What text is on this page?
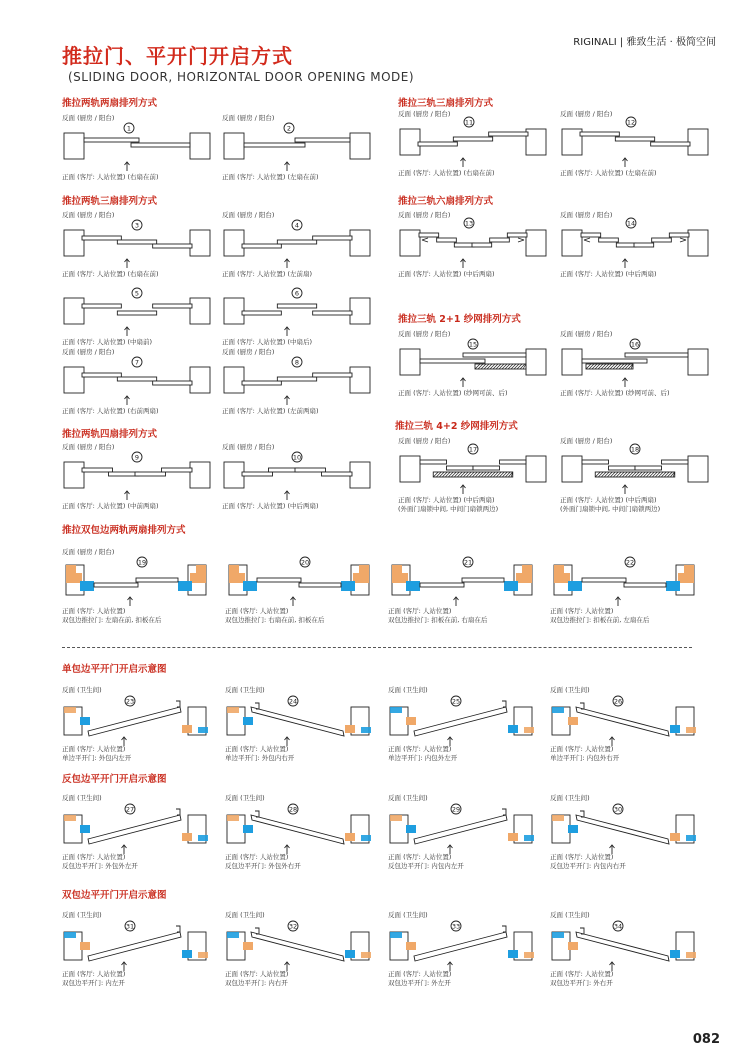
推拉门、平开门开启方式
(SLIDING DOOR, HORIZONTAL DOOR OPENING MODE)
RIGINALI | 雅致生活 · 极简空间
082
推拉两轨两扇排列方式
推拉两轨三扇排列方式
推拉两轨四扇排列方式
推拉三轨三扇排列方式
推拉三轨六扇排列方式
推拉三轨 2+1 纱网排列方式
推拉三轨 4+2 纱网排列方式
推拉双包边两轨两扇排列方式
单包边平开门开启示意图
反包边平开门开启示意图
双包边平开门开启示意图
反面 (厨房 / 阳台)
1
正面 (客厅: 人站位置) (右扇在前)
反面 (厨房 / 阳台)
2
正面 (客厅: 人站位置) (左扇在前)
反面 (厨房 / 阳台)
3
正面 (客厅: 人站位置) (右扇在前)
反面 (厨房 / 阳台)
4
正面 (客厅: 人站位置) (左前扇)
5
正面 (客厅: 人站位置) (中扇前)
6
正面 (客厅: 人站位置) (中扇后)
反面 (厨房 / 阳台)
7
正面 (客厅: 人站位置) (右前两扇)
反面 (厨房 / 阳台)
8
正面 (客厅: 人站位置) (左前两扇)
反面 (厨房 / 阳台)
9
正面 (客厅: 人站位置) (中前两扇)
反面 (厨房 / 阳台)
10
正面 (客厅: 人站位置) (中后两扇)
反面 (厨房 / 阳台)
11
正面 (客厅: 人站位置) (右扇在前)
反面 (厨房 / 阳台)
12
正面 (客厅: 人站位置) (左扇在前)
反面 (厨房 / 阳台)
13
正面 (客厅: 人站位置) (中后两扇)
反面 (厨房 / 阳台)
14
正面 (客厅: 人站位置) (中后两扇)
反面 (厨房 / 阳台)
15
正面 (客厅: 人站位置) (纱网可前、后)
反面 (厨房 / 阳台)
16
正面 (客厅: 人站位置) (纱网可前、后)
反面 (厨房 / 阳台)
17
正面 (客厅: 人站位置) (中后两扇)
(外面门扇锁中间, 中间门扇锁两边)
反面 (厨房 / 阳台)
18
正面 (客厅: 人站位置) (中后两扇)
(外面门扇锁中间, 中间门扇锁两边)
反面 (厨房 / 阳台)
19
正面 (客厅: 人站位置)
双包边推拉门: 左扇在前, 扣板在后
20
正面 (客厅: 人站位置)
双包边推拉门: 右扇在前, 扣板在后
21
正面 (客厅: 人站位置)
双包边推拉门: 扣板在前, 右扇在后
22
正面 (客厅: 人站位置)
双包边推拉门: 扣板在前, 左扇在后
反面 (卫生间)
23
正面 (客厅: 人站位置)
单边平开门: 外包内左开
反面 (卫生间)
24
正面 (客厅: 人站位置)
单边平开门: 外包内右开
反面 (卫生间)
25
正面 (客厅: 人站位置)
单边平开门: 内包外左开
反面 (卫生间)
26
正面 (客厅: 人站位置)
单边平开门: 内包外右开
反面 (卫生间)
27
正面 (客厅: 人站位置)
反包边平开门: 外包外左开
反面 (卫生间)
28
正面 (客厅: 人站位置)
反包边平开门: 外包外右开
反面 (卫生间)
29
正面 (客厅: 人站位置)
反包边平开门: 内包内左开
反面 (卫生间)
30
正面 (客厅: 人站位置)
反包边平开门: 内包内右开
反面 (卫生间)
31
正面 (客厅: 人站位置)
双包边平开门: 内左开
反面 (卫生间)
32
正面 (客厅: 人站位置)
双包边平开门: 内右开
反面 (卫生间)
33
正面 (客厅: 人站位置)
双包边平开门: 外左开
反面 (卫生间)
34
正面 (客厅: 人站位置)
双包边平开门: 外右开
